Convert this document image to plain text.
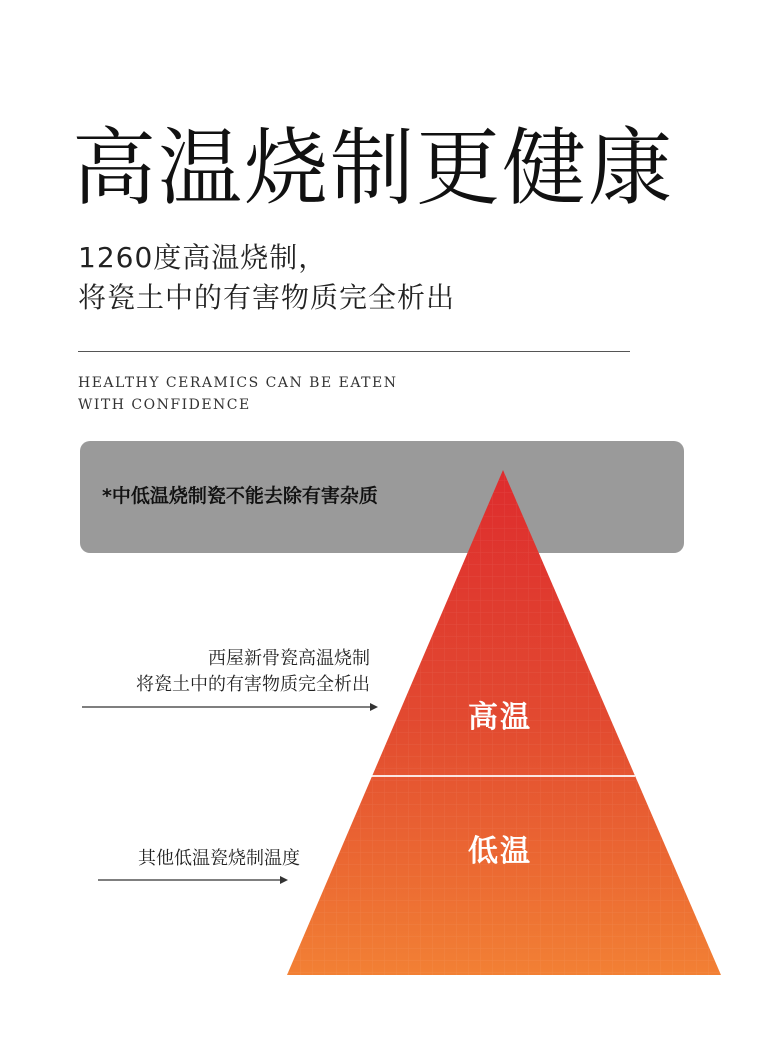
高温烧制更健康
1260度高温烧制，
将瓷土中的有害物质完全析出
HEALTHY CERAMICS CAN BE EATEN
WITH CONFIDENCE
*中低温烧制瓷不能去除有害杂质
高温
低温
西屋新骨瓷高温烧制
将瓷土中的有害物质完全析出
其他低温瓷烧制温度
